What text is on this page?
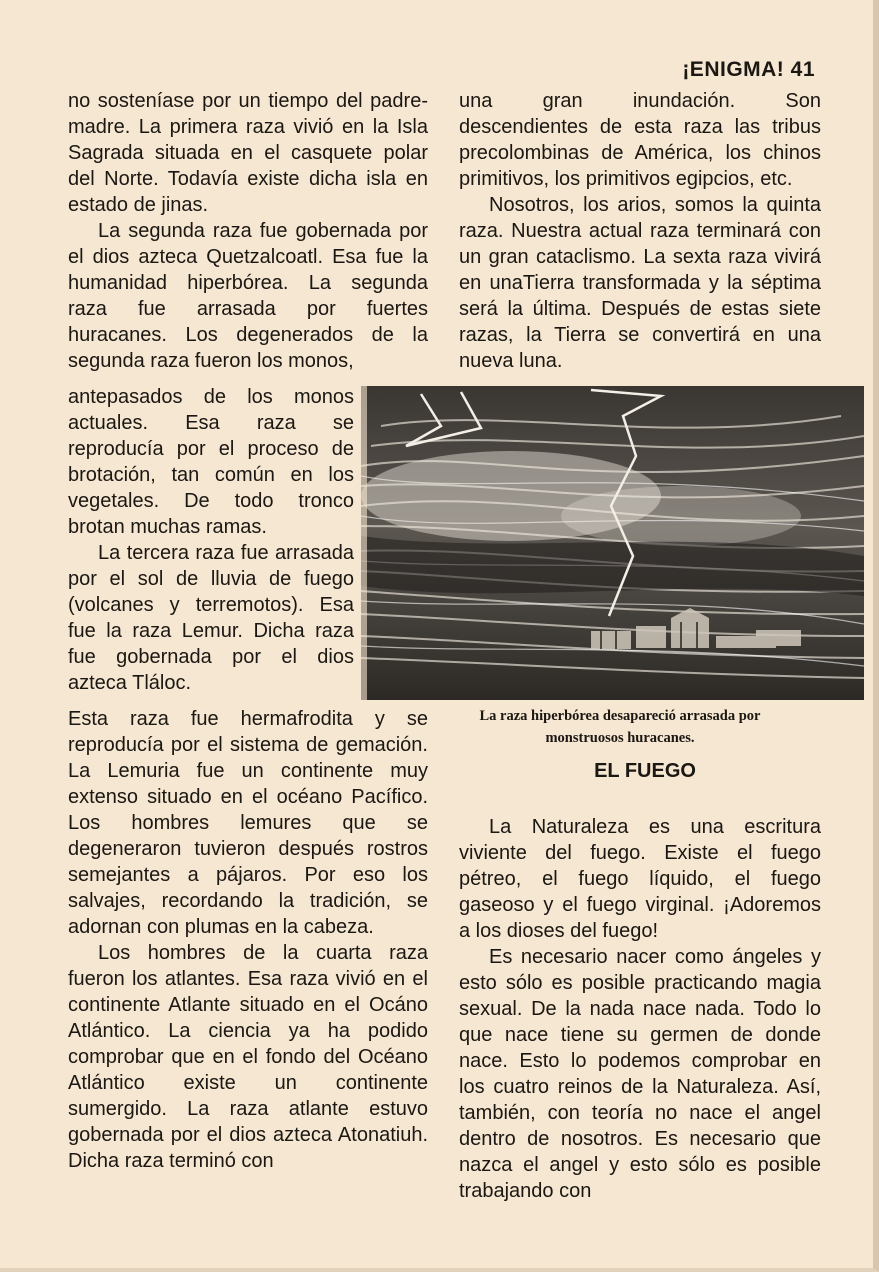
¡ENIGMA! 41

no sosteníase por un tiempo del padre-madre. La primera raza vivió en la Isla Sagrada situada en el casquete polar del Norte. Todavía existe dicha isla en estado de jinas.

La segunda raza fue gobernada por el dios azteca Quetzalcoatl. Esa fue la humanidad hiperbórea. La segunda raza fue arrasada por fuertes huracanes. Los degenerados de la segunda raza fueron los monos,

antepasados de los monos actuales. Esa raza se reproducía por el proceso de brotación, tan común en los vegetales. De todo tronco brotan muchas ramas.

La tercera raza fue arrasada por el sol de lluvia de fuego (volcanes y terremotos). Esa fue la raza Lemur. Dicha raza fue gobernada por el dios azteca Tláloc.

Esta raza fue hermafrodita y se reproducía por el sistema de gemación. La Lemuria fue un continente muy extenso situado en el océano Pacífico. Los hombres lemures que se degeneraron tuvieron después rostros semejantes a pájaros. Por eso los salvajes, recordando la tradición, se adornan con plumas en la cabeza.

Los hombres de la cuarta raza fueron los atlantes. Esa raza vivió en el continente Atlante situado en el Ocáno Atlántico. La ciencia ya ha podido comprobar que en el fondo del Océano Atlántico existe un continente sumergido. La raza atlante estuvo gobernada por el dios azteca Atonatiuh. Dicha raza terminó con

una gran inundación. Son descendientes de esta raza las tribus precolombinas de América, los chinos primitivos, los primitivos egipcios, etc.

Nosotros, los arios, somos la quinta raza. Nuestra actual raza terminará con un gran cataclismo. La sexta raza vivirá en unaTierra transformada y la séptima será la última. Después de estas siete razas, la Tierra se convertirá en una nueva luna.

La raza hiperbórea desapareció arrasada por
monstruosos huracanes.
EL FUEGO

La Naturaleza es una escritura viviente del fuego. Existe el fuego pétreo, el fuego líquido, el fuego gaseoso y el fuego virginal. ¡Adoremos a los dioses del fuego!

Es necesario nacer como ángeles y esto sólo es posible practicando magia sexual. De la nada nace nada. Todo lo que nace tiene su germen de donde nace. Esto lo podemos comprobar en los cuatro reinos de la Naturaleza. Así, también, con teoría no nace el angel dentro de nosotros. Es necesario que nazca el angel y esto sólo es posible trabajando con
